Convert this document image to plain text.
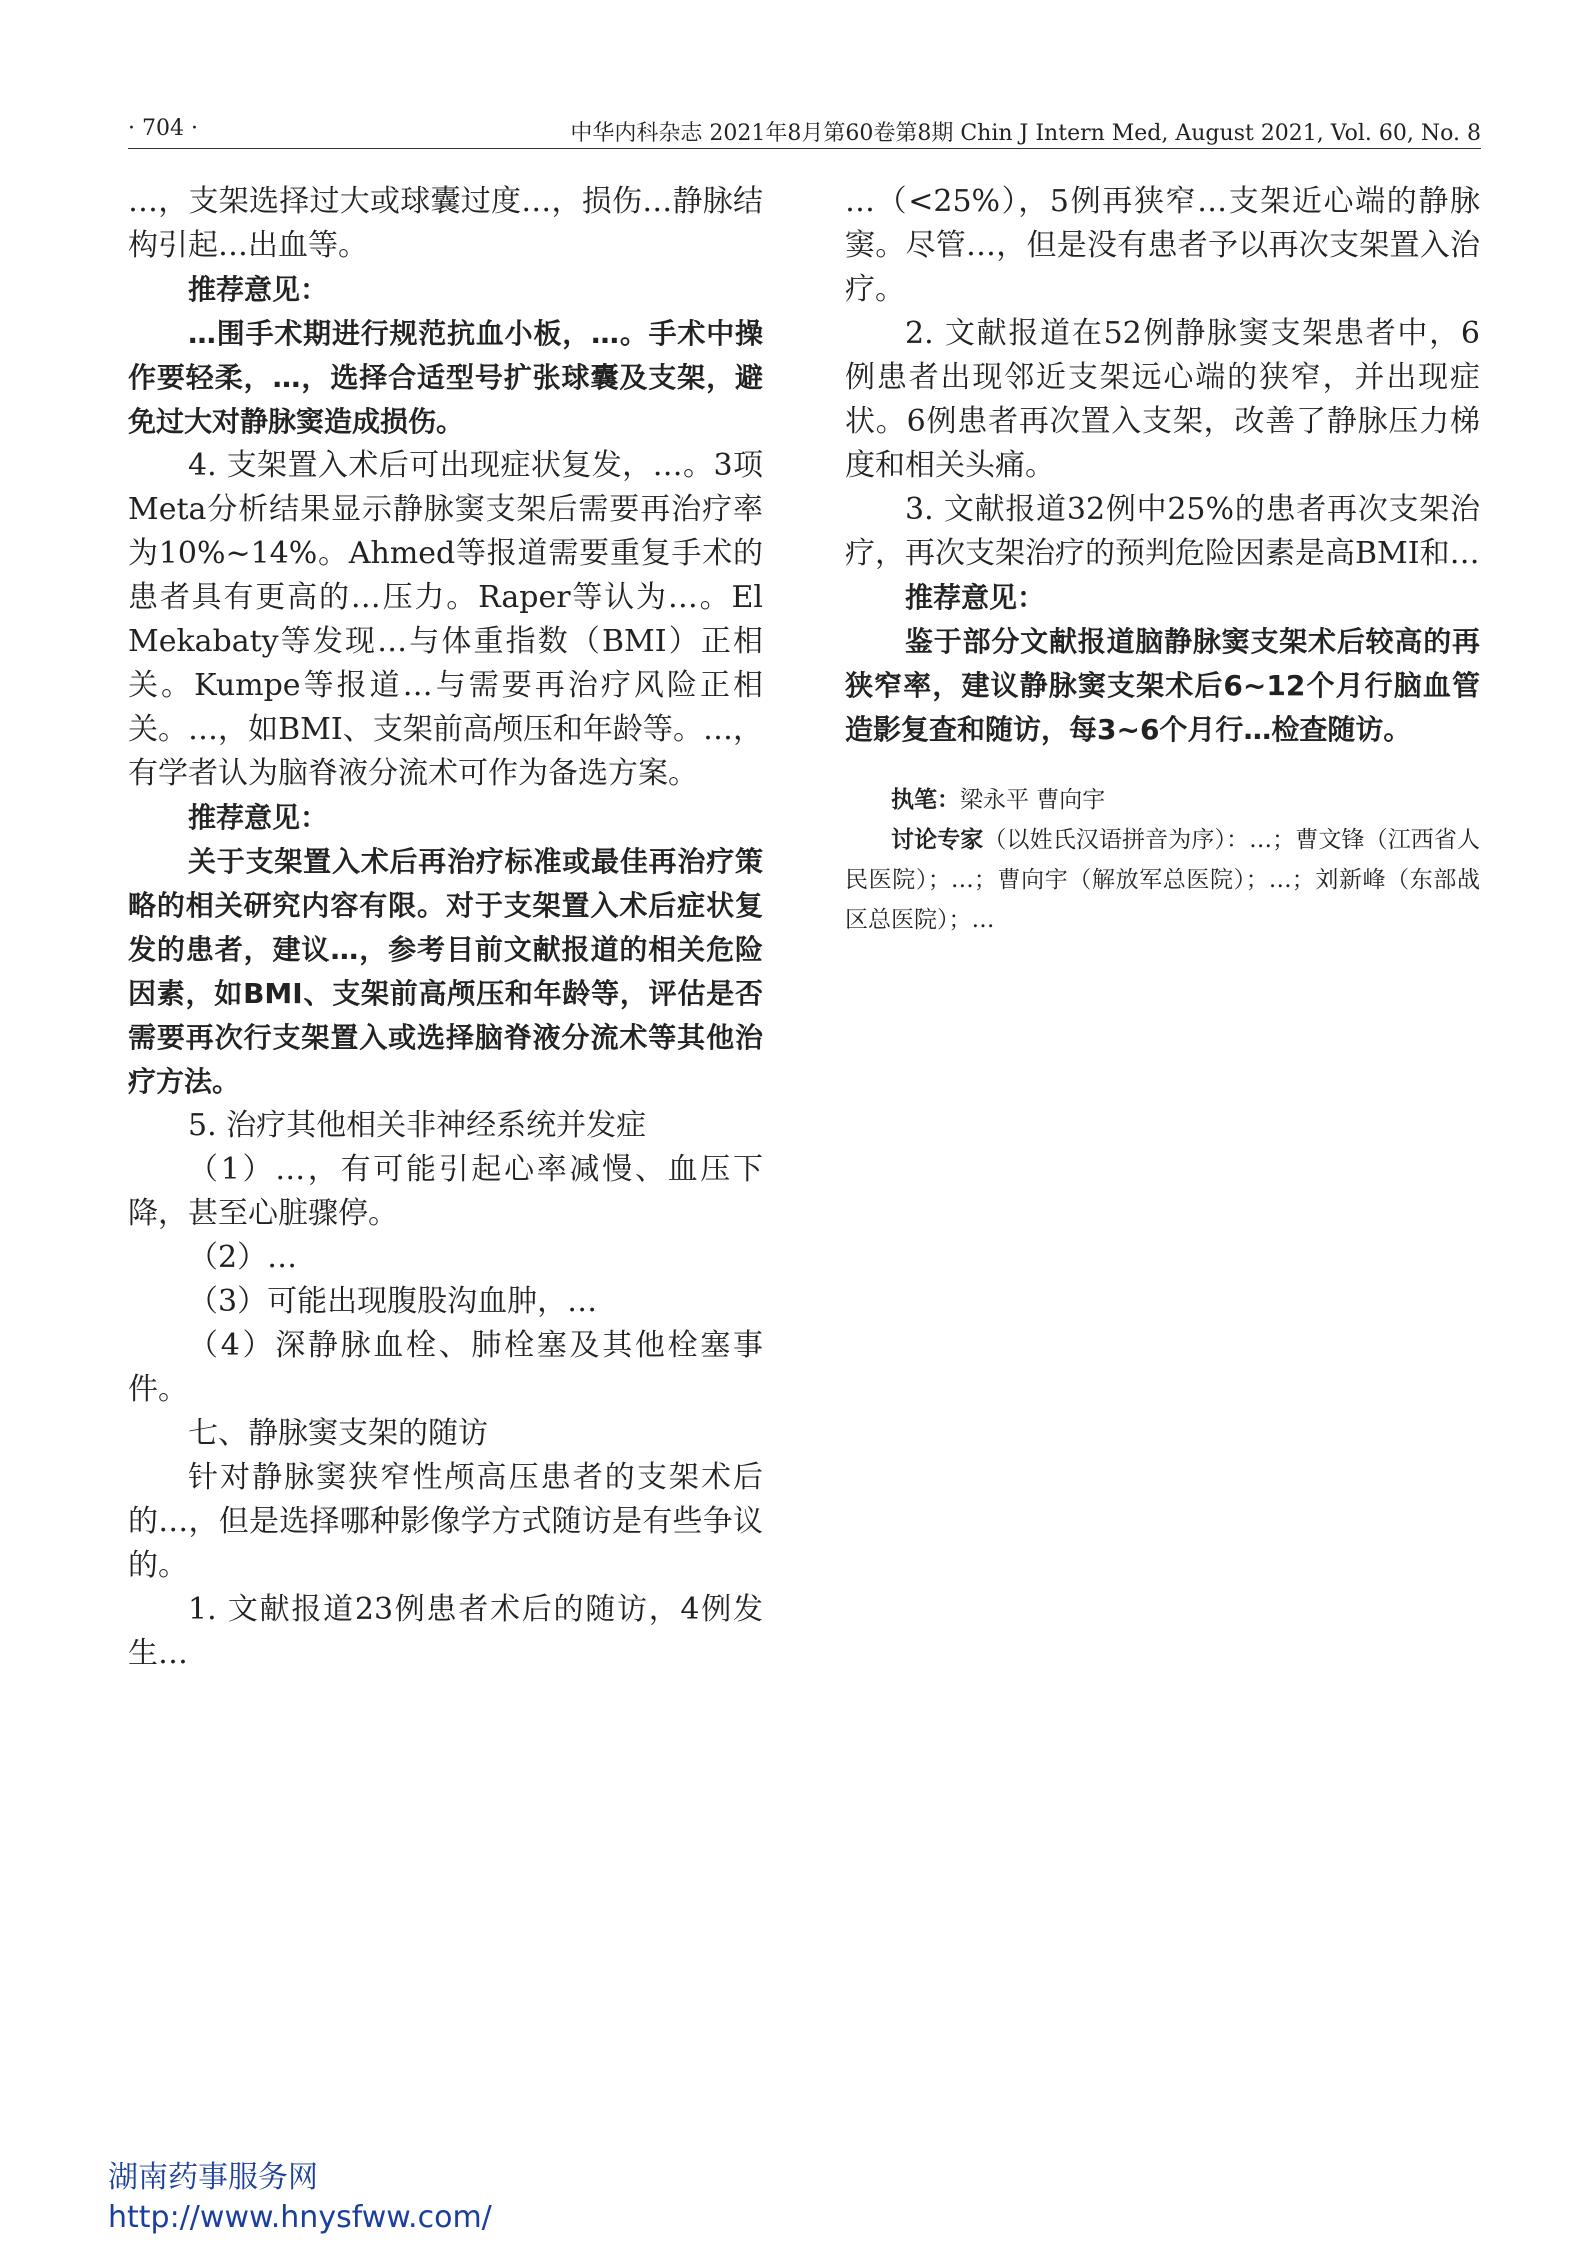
· 704 ·	中华内科杂志 2021年8月第60卷第8期 Chin J Intern Med, August 2021, Vol. 60, No. 8

…，支架选择过大或球囊过度…，损伤…静脉结构引起…出血等。

推荐意见：

…围手术期进行规范抗血小板，…。手术中操作要轻柔，…，选择合适型号扩张球囊及支架，避免过大对静脉窦造成损伤。

4. 支架置入术后可出现症状复发，…。3项Meta分析结果显示静脉窦支架后需要再治疗率为10%~14%。Ahmed等报道需要重复手术的患者具有更高的…压力。Raper等认为…。El Mekabaty等发现…与体重指数（BMI）正相关。Kumpe等报道…与需要再治疗风险正相关。…，如BMI、支架前高颅压和年龄等。…，有学者认为脑脊液分流术可作为备选方案。

推荐意见：

关于支架置入术后再治疗标准或最佳再治疗策略的相关研究内容有限。对于支架置入术后症状复发的患者，建议…，参考目前文献报道的相关危险因素，如BMI、支架前高颅压和年龄等，评估是否需要再次行支架置入或选择脑脊液分流术等其他治疗方法。

5. 治疗其他相关非神经系统并发症

（1）…，有可能引起心率减慢、血压下降，甚至心脏骤停。

（2）…

（3）可能出现腹股沟血肿，…

（4）深静脉血栓、肺栓塞及其他栓塞事件。

七、静脉窦支架的随访

针对静脉窦狭窄性颅高压患者的支架术后的…，但是选择哪种影像学方式随访是有些争议的。

1. 文献报道23例患者术后的随访，4例发生…

…（<25%），5例再狭窄…支架近心端的静脉窦。尽管…，但是没有患者予以再次支架置入治疗。

2. 文献报道在52例静脉窦支架患者中，6例患者出现邻近支架远心端的狭窄，并出现症状。6例患者再次置入支架，改善了静脉压力梯度和相关头痛。

3. 文献报道32例中25%的患者再次支架治疗，再次支架治疗的预判危险因素是高BMI和…

推荐意见：

鉴于部分文献报道脑静脉窦支架术后较高的再狭窄率，建议静脉窦支架术后6~12个月行脑血管造影复查和随访，每3~6个月行…检查随访。

执笔：梁永平 曹向宇

讨论专家（以姓氏汉语拼音为序）：…；曹文锋（江西省人民医院）；…；曹向宇（解放军总医院）；…；刘新峰（东部战区总医院）；…

湖南药事服务网
http://www.hnysfww.com/
